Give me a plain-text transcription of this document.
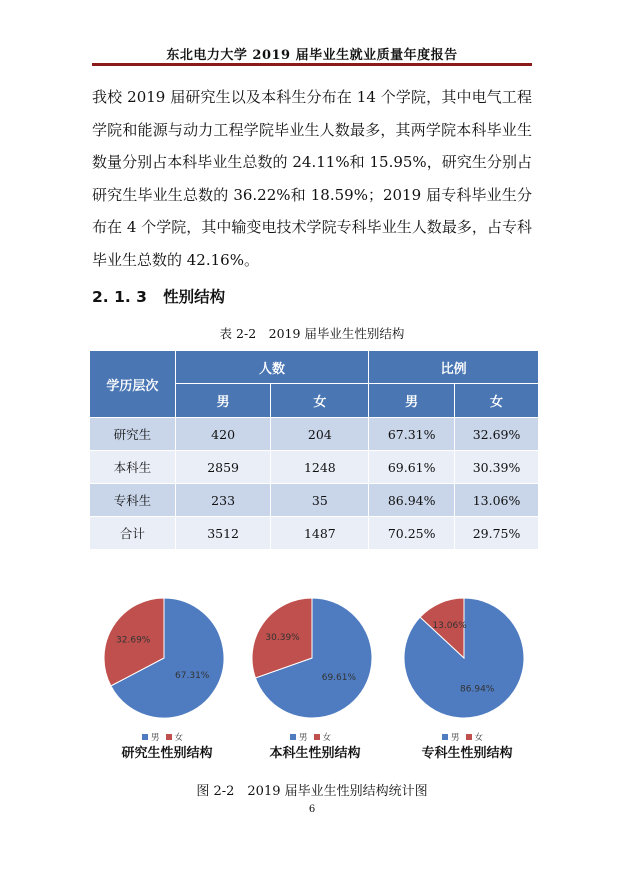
东北电力大学 2019 届毕业生就业质量年度报告

我校 2019 届研究生以及本科生分布在 14 个学院，其中电气工程学院和能源与动力工程学院毕业生人数最多，其两学院本科毕业生数量分别占本科毕业生总数的 24.11%和 15.95%，研究生分别占研究生毕业生总数的 36.22%和 18.59%；2019 届专科毕业生分布在 4 个学院，其中输变电技术学院专科毕业生人数最多，占专科毕业生总数的 42.16%。

2. 1. 3 性别结构
表 2-2　2019 届毕业生性别结构
学历层次	人数		比例	
	男	女	男	女
研究生	420	204	67.31%	32.69%
本科生	2859	1248	69.61%	30.39%
专科生	233	35	86.94%	13.06%
合计	3512	1487	70.25%	29.75%
67.31%
32.69%
男 女
研究生性别结构
69.61%
30.39%
男 女
本科生性别结构
86.94%
13.06%
男 女
专科生性别结构
图 2-2　2019 届毕业生性别结构统计图
6
